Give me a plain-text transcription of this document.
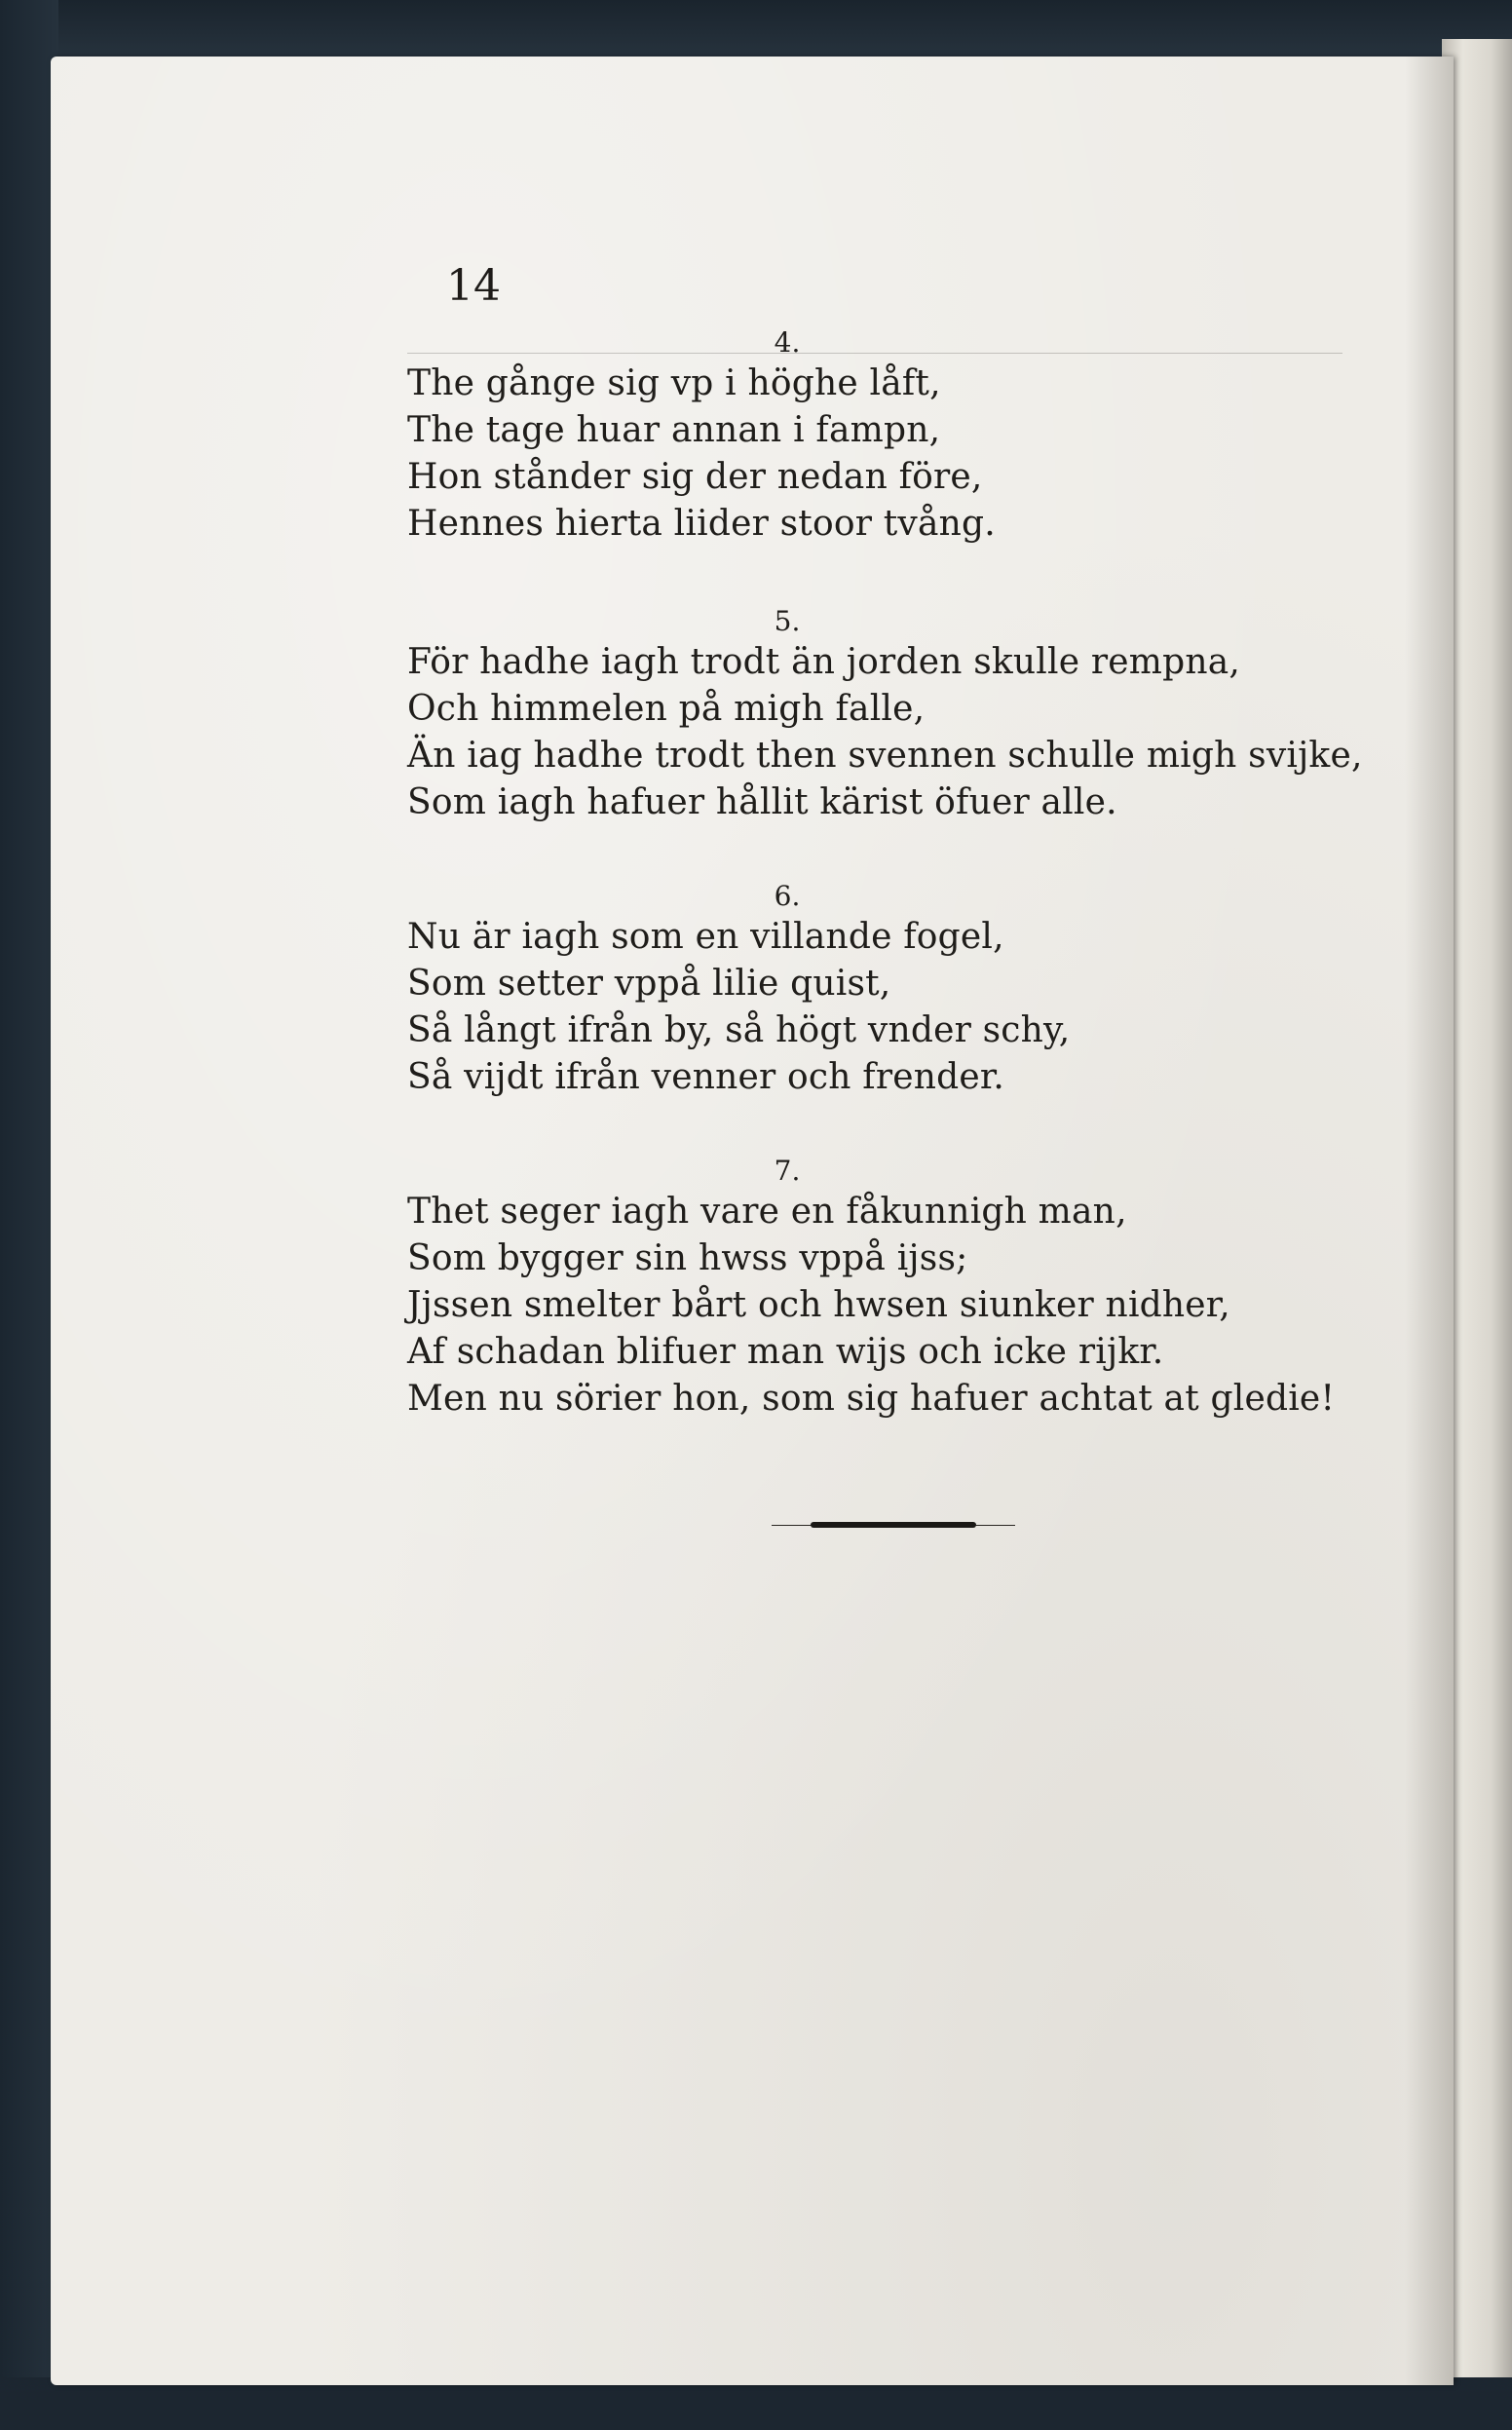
14
4.
The gånge sig vp i höghe låft,
The tage huar annan i fampn,
Hon stånder sig der nedan före,
Hennes hierta liider stoor tvång.
5.
För hadhe iagh trodt än jorden skulle rempna,
Och himmelen på migh falle,
Än iag hadhe trodt then svennen schulle migh svijke,
Som iagh hafuer hållit kärist öfuer alle.
6.
Nu är iagh som en villande fogel,
Som setter vppå lilie quist,
Så långt ifrån by, så högt vnder schy,
Så vijdt ifrån venner och frender.
7.
Thet seger iagh vare en fåkunnigh man,
Som bygger sin hwss vppå ijss;
Jjssen smelter bårt och hwsen siunker nidher,
Af schadan blifuer man wijs och icke rijkr.
Men nu sörier hon, som sig hafuer achtat at gledie!
